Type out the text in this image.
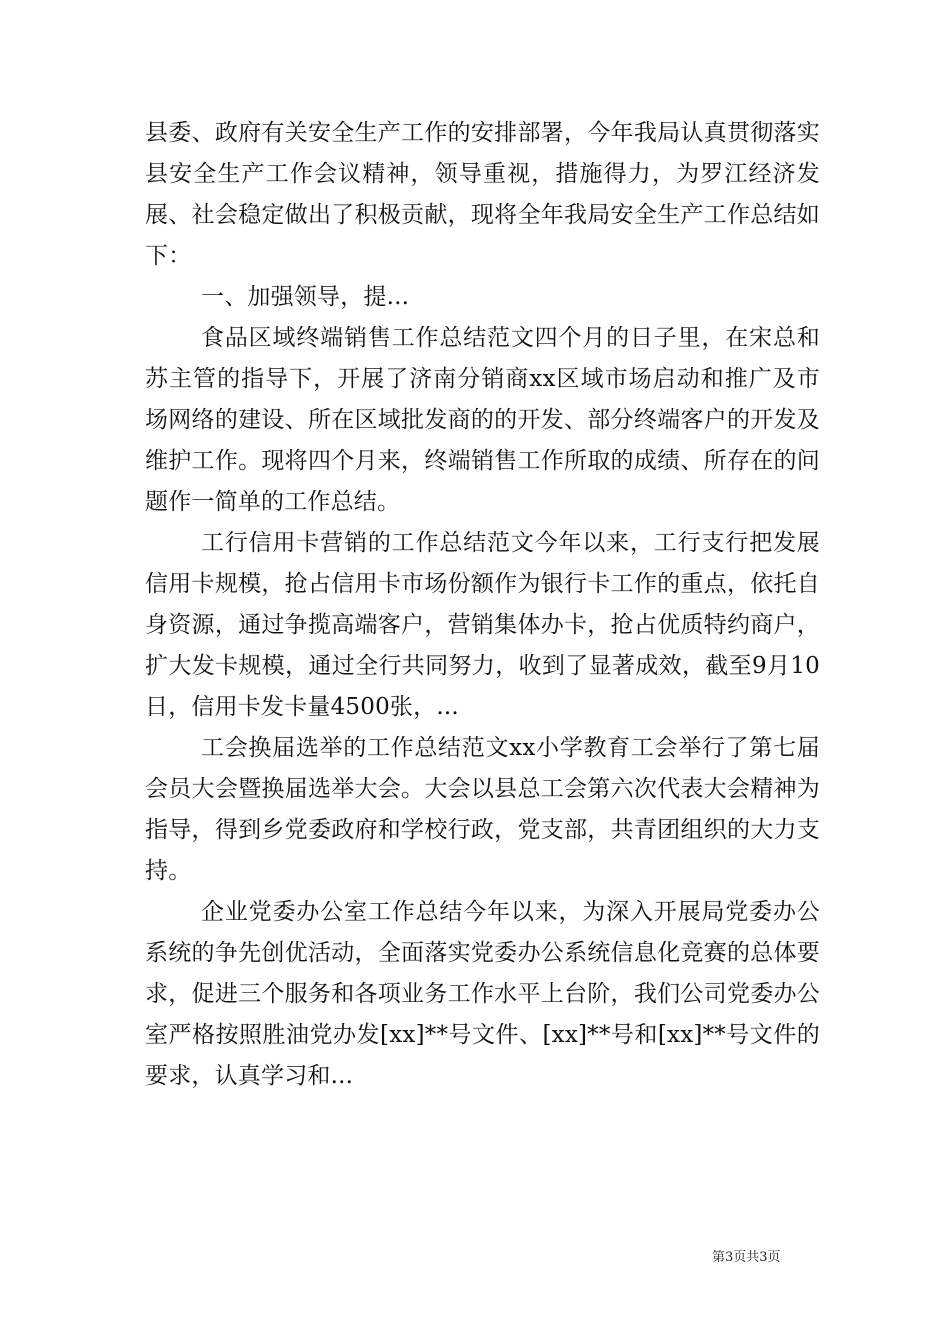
县委、政府有关安全生产工作的安排部署，今年我局认真贯彻落实县安全生产工作会议精神，领导重视，措施得力，为罗江经济发展、社会稳定做出了积极贡献，现将全年我局安全生产工作总结如下：

一、加强领导，提...

食品区域终端销售工作总结范文四个月的日子里，在宋总和苏主管的指导下，开展了济南分销商xx区域市场启动和推广及市场网络的建设、所在区域批发商的的开发、部分终端客户的开发及维护工作。现将四个月来，终端销售工作所取的成绩、所存在的问题作一简单的工作总结。

工行信用卡营销的工作总结范文今年以来，工行支行把发展信用卡规模，抢占信用卡市场份额作为银行卡工作的重点，依托自身资源，通过争揽高端客户，营销集体办卡，抢占优质特约商户，扩大发卡规模，通过全行共同努力，收到了显著成效，截至9月10日，信用卡发卡量4500张，...

工会换届选举的工作总结范文xx小学教育工会举行了第七届会员大会暨换届选举大会。大会以县总工会第六次代表大会精神为指导，得到乡党委政府和学校行政，党支部，共青团组织的大力支持。

企业党委办公室工作总结今年以来，为深入开展局党委办公系统的争先创优活动，全面落实党委办公系统信息化竞赛的总体要求，促进三个服务和各项业务工作水平上台阶，我们公司党委办公室严格按照胜油党办发[xx]**号文件、[xx]**号和[xx]**号文件的要求，认真学习和...

第3页共3页
